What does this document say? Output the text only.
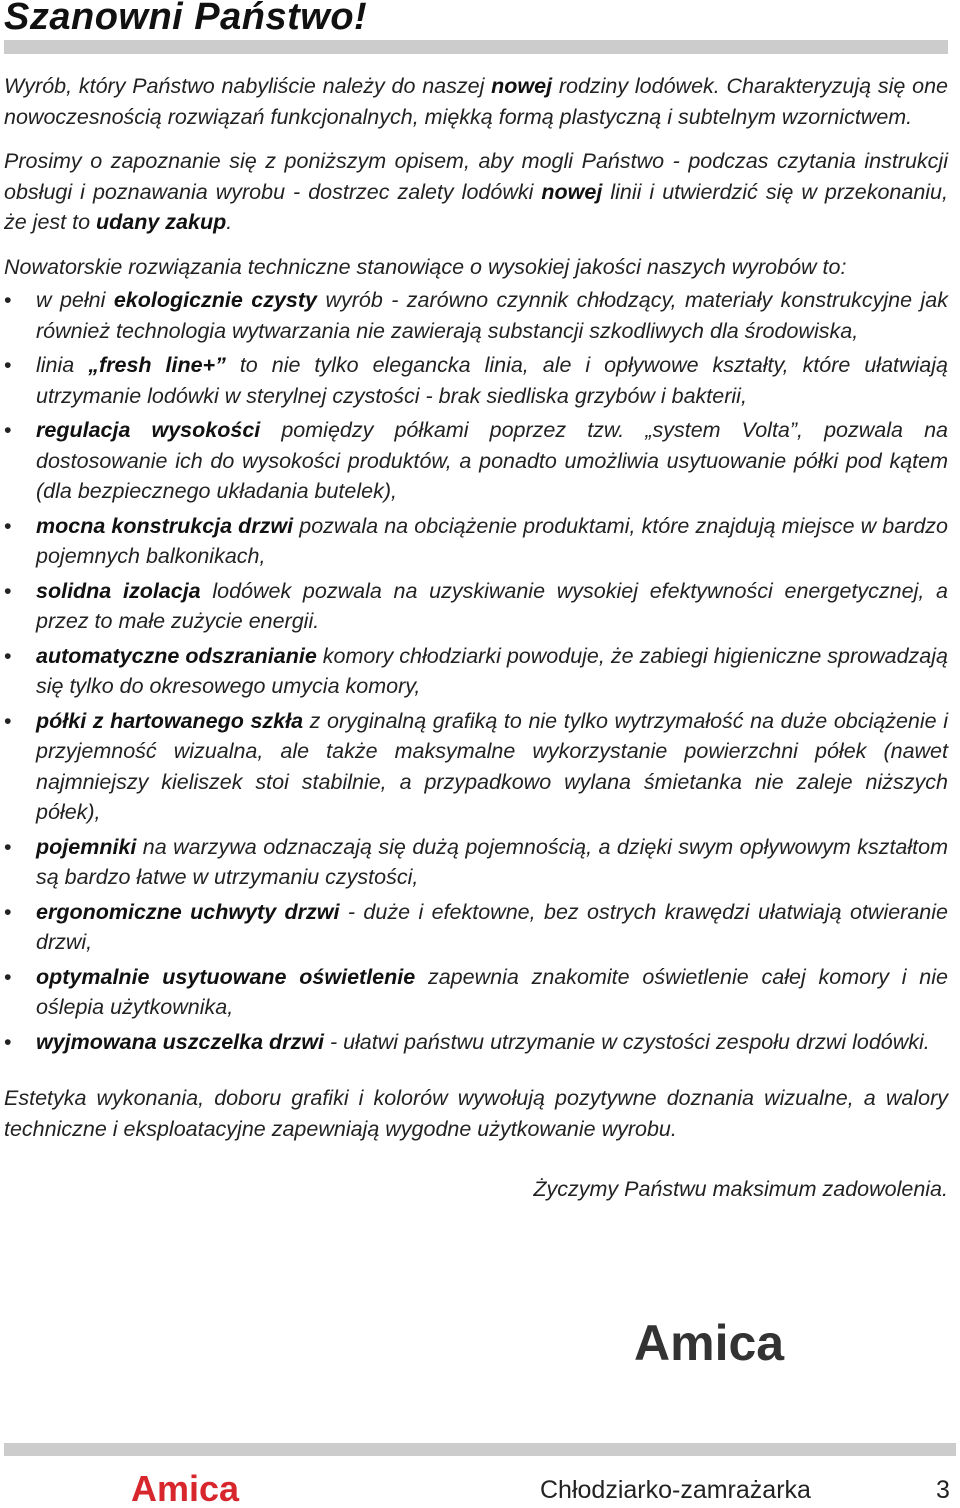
Szanowni Państwo!

Wyrób, który Państwo nabyliście należy do naszej nowej rodziny lodówek. Charakteryzują się one nowoczesnością rozwiązań funkcjonalnych, miękką formą plastyczną i subtelnym wzornictwem.

Prosimy o zapoznanie się z poniższym opisem, aby mogli Państwo - podczas czytania instrukcji obsługi i poznawania wyrobu - dostrzec zalety lodówki nowej linii i utwierdzić się w przekonaniu, że jest to udany zakup.

Nowatorskie rozwiązania techniczne stanowiące o wysokiej jakości naszych wyrobów to:

• w pełni ekologicznie czysty wyrób - zarówno czynnik chłodzący, materiały konstrukcyjne jak również technologia wytwarzania nie zawierają substancji szkodliwych dla środowiska,
• linia „fresh line+” to nie tylko elegancka linia, ale i opływowe kształty, które ułatwiają utrzymanie lodówki w sterylnej czystości - brak siedliska grzybów i bakterii,
• regulacja wysokości pomiędzy półkami poprzez tzw. „system Volta”, pozwala na dostosowanie ich do wysokości produktów, a ponadto umożliwia usytuowanie półki pod kątem (dla bezpiecznego układania butelek),
• mocna konstrukcja drzwi pozwala na obciążenie produktami, które znajdują miejsce w bardzo pojemnych balkonikach,
• solidna izolacja lodówek pozwala na uzyskiwanie wysokiej efektywności energetycznej, a przez to małe zużycie energii.
• automatyczne odszranianie komory chłodziarki powoduje, że zabiegi higieniczne sprowadzają się tylko do okresowego umycia komory,
• półki z hartowanego szkła z oryginalną grafiką to nie tylko wytrzymałość na duże obciążenie i przyjemność wizualna, ale także maksymalne wykorzystanie powierzchni półek (nawet najmniejszy kieliszek stoi stabilnie, a przypadkowo wylana śmietanka nie zaleje niższych półek),
• pojemniki na warzywa odznaczają się dużą pojemnością, a dzięki swym opływowym kształtom są bardzo łatwe w utrzymaniu czystości,
• ergonomiczne uchwyty drzwi - duże i efektowne, bez ostrych krawędzi ułatwiają otwieranie drzwi,
• optymalnie usytuowane oświetlenie zapewnia znakomite oświetlenie całej komory i nie oślepia użytkownika,
• wyjmowana uszczelka drzwi - ułatwi państwu utrzymanie w czystości zespołu drzwi lodówki.

Estetyka wykonania, doboru grafiki i kolorów wywołują pozytywne doznania wizualne, a walory techniczne i eksploatacyjne zapewniają wygodne użytkowanie wyrobu.

Życzymy Państwu maksimum zadowolenia.

Amica
Amica	Chłodziarko-zamrażarka	3
